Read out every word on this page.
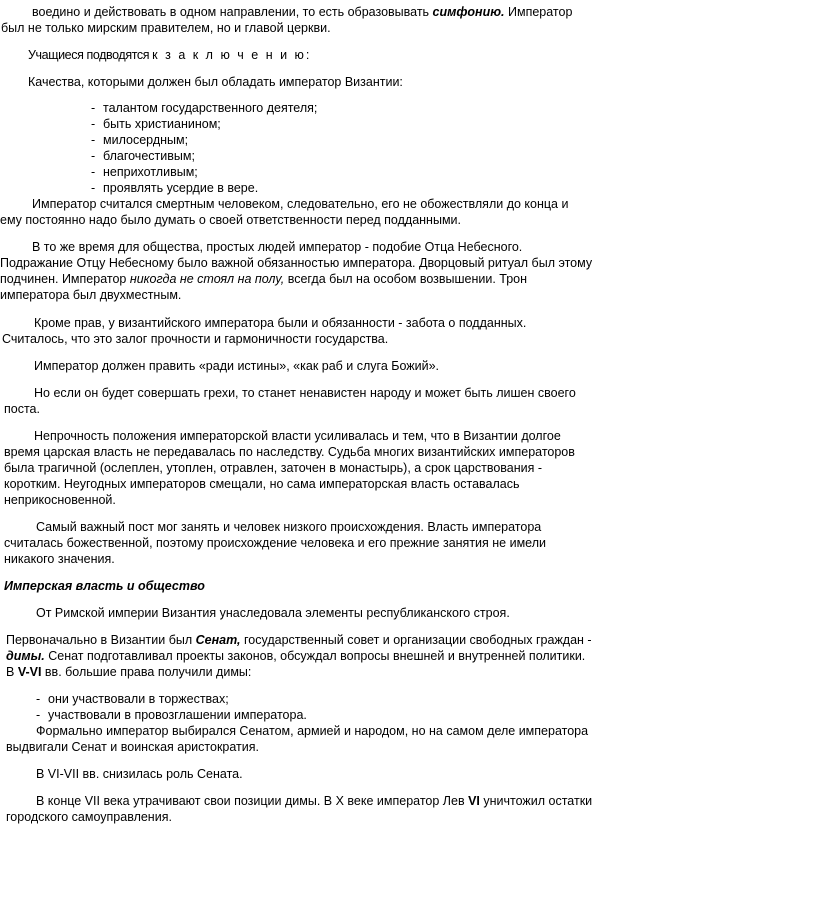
воедино и действовать в одном направлении, то есть образовывать симфонию. Император
был не только мирским правителем, но и главой церкви.
Учащиеся подводятся к з а к л ю ч е н и ю:
Качества, которыми должен был обладать император Византии:
- талантом государственного деятеля;
- быть христианином;
- милосердным;
- благочестивым;
- неприхотливым;
- проявлять усердие в вере.
Император считался смертным человеком, следовательно, его не обожествляли до конца и
ему постоянно надо было думать о своей ответственности перед подданными.
В то же время для общества, простых людей император - подобие Отца Небесного.
Подражание Отцу Небесному было важной обязанностью императора. Дворцовый ритуал был этому
подчинен. Император никогда не стоял на полу, всегда был на особом возвышении. Трон
императора был двухместным.
Кроме прав, у византийского императора были и обязанности - забота о подданных.
Считалось, что это залог прочности и гармоничности государства.
Император должен править «ради истины», «как раб и слуга Божий».
Но если он будет совершать грехи, то станет ненавистен народу и может быть лишен своего
поста.
Непрочность положения императорской власти усиливалась и тем, что в Византии долгое
время царская власть не передавалась по наследству. Судьба многих византийских императоров
была трагичной (ослеплен, утоплен, отравлен, заточен в монастырь), а срок царствования -
коротким. Неугодных императоров смещали, но сама императорская власть оставалась
неприкосновенной.
Самый важный пост мог занять и человек низкого происхождения. Власть императора
считалась божественной, поэтому происхождение человека и его прежние занятия не имели
никакого значения.
Имперская власть и общество
От Римской империи Византия унаследовала элементы республиканского строя.
Первоначально в Византии был Сенат, государственный совет и организации свободных граждан -
димы. Сенат подготавливал проекты законов, обсуждал вопросы внешней и внутренней политики.
В V-VI вв. большие права получили димы:
- они участвовали в торжествах;
- участвовали в провозглашении императора.
Формально император выбирался Сенатом, армией и народом, но на самом деле императора
выдвигали Сенат и воинская аристократия.
В VI-VII вв. снизилась роль Сената.
В конце VII века утрачивают свои позиции димы. В X веке император Лев VI уничтожил остатки
городского самоуправления.
